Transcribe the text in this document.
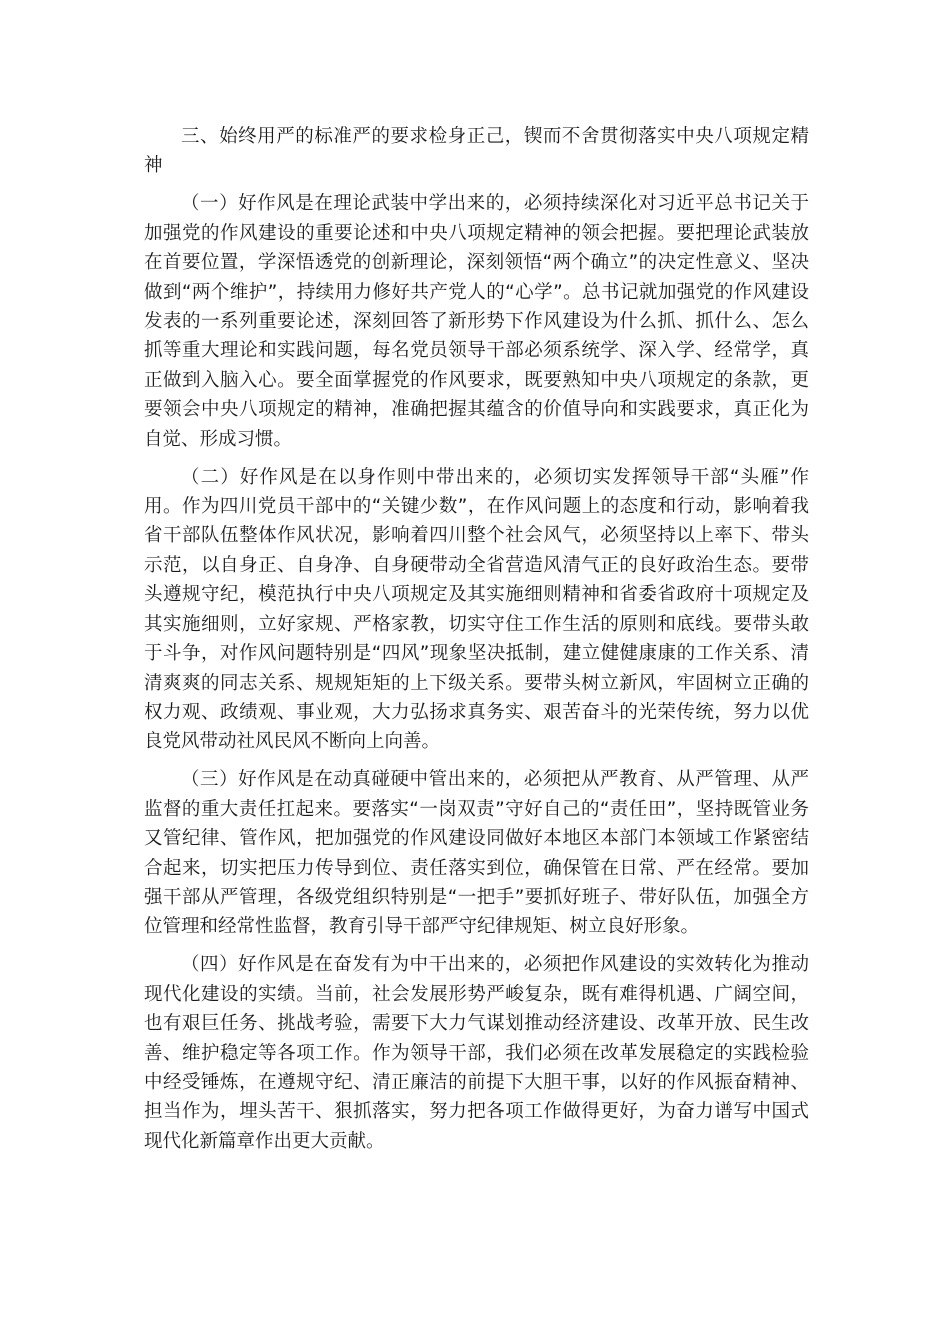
三、始终用严的标准严的要求检身正己，锲而不舍贯彻落实中央八项规定精神

（一）好作风是在理论武装中学出来的，必须持续深化对习近平总书记关于加强党的作风建设的重要论述和中央八项规定精神的领会把握。要把理论武装放在首要位置，学深悟透党的创新理论，深刻领悟“两个确立”的决定性意义、坚决做到“两个维护”，持续用力修好共产党人的“心学”。总书记就加强党的作风建设发表的一系列重要论述，深刻回答了新形势下作风建设为什么抓、抓什么、怎么抓等重大理论和实践问题，每名党员领导干部必须系统学、深入学、经常学，真正做到入脑入心。要全面掌握党的作风要求，既要熟知中央八项规定的条款，更要领会中央八项规定的精神，准确把握其蕴含的价值导向和实践要求，真正化为自觉、形成习惯。

（二）好作风是在以身作则中带出来的，必须切实发挥领导干部“头雁”作用。作为四川党员干部中的“关键少数”，在作风问题上的态度和行动，影响着我省干部队伍整体作风状况，影响着四川整个社会风气，必须坚持以上率下、带头示范，以自身正、自身净、自身硬带动全省营造风清气正的良好政治生态。要带头遵规守纪，模范执行中央八项规定及其实施细则精神和省委省政府十项规定及其实施细则，立好家规、严格家教，切实守住工作生活的原则和底线。要带头敢于斗争，对作风问题特别是“四风”现象坚决抵制，建立健健康康的工作关系、清清爽爽的同志关系、规规矩矩的上下级关系。要带头树立新风，牢固树立正确的权力观、政绩观、事业观，大力弘扬求真务实、艰苦奋斗的光荣传统，努力以优良党风带动社风民风不断向上向善。

（三）好作风是在动真碰硬中管出来的，必须把从严教育、从严管理、从严监督的重大责任扛起来。要落实“一岗双责”守好自己的“责任田”，坚持既管业务又管纪律、管作风，把加强党的作风建设同做好本地区本部门本领域工作紧密结合起来，切实把压力传导到位、责任落实到位，确保管在日常、严在经常。要加强干部从严管理，各级党组织特别是“一把手”要抓好班子、带好队伍，加强全方位管理和经常性监督，教育引导干部严守纪律规矩、树立良好形象。

（四）好作风是在奋发有为中干出来的，必须把作风建设的实效转化为推动现代化建设的实绩。当前，社会发展形势严峻复杂，既有难得机遇、广阔空间，也有艰巨任务、挑战考验，需要下大力气谋划推动经济建设、改革开放、民生改善、维护稳定等各项工作。作为领导干部，我们必须在改革发展稳定的实践检验中经受锤炼，在遵规守纪、清正廉洁的前提下大胆干事，以好的作风振奋精神、担当作为，埋头苦干、狠抓落实，努力把各项工作做得更好，为奋力谱写中国式现代化新篇章作出更大贡献。
